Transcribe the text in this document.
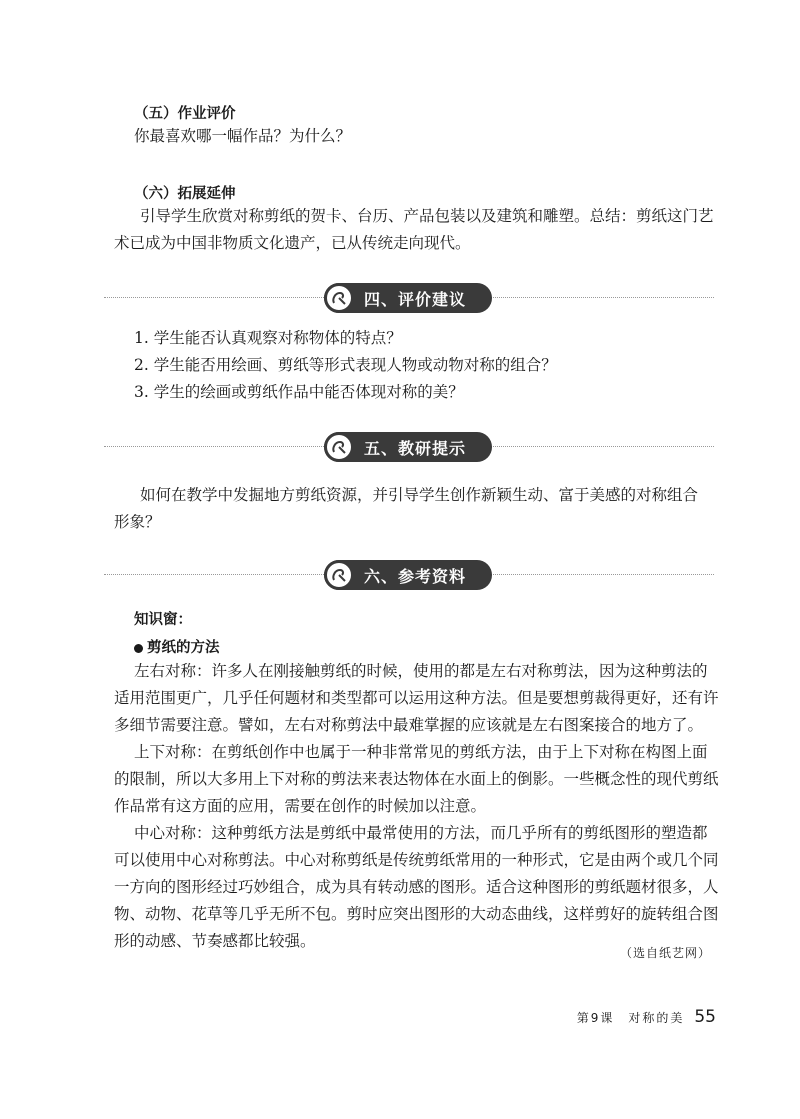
（五）作业评价
你最喜欢哪一幅作品？为什么？
（六）拓展延伸
引导学生欣赏对称剪纸的贺卡、台历、产品包装以及建筑和雕塑。总结：剪纸这门艺
术已成为中国非物质文化遗产，已从传统走向现代。
四、评价建议
1. 学生能否认真观察对称物体的特点？
2. 学生能否用绘画、剪纸等形式表现人物或动物对称的组合？
3. 学生的绘画或剪纸作品中能否体现对称的美？
五、教研提示
如何在教学中发掘地方剪纸资源，并引导学生创作新颖生动、富于美感的对称组合
形象？
六、参考资料
知识窗：
剪纸的方法
左右对称：许多人在刚接触剪纸的时候，使用的都是左右对称剪法，因为这种剪法的
适用范围更广，几乎任何题材和类型都可以运用这种方法。但是要想剪裁得更好，还有许
多细节需要注意。譬如，左右对称剪法中最难掌握的应该就是左右图案接合的地方了。
上下对称：在剪纸创作中也属于一种非常常见的剪纸方法，由于上下对称在构图上面
的限制，所以大多用上下对称的剪法来表达物体在水面上的倒影。一些概念性的现代剪纸
作品常有这方面的应用，需要在创作的时候加以注意。
中心对称：这种剪纸方法是剪纸中最常使用的方法，而几乎所有的剪纸图形的塑造都
可以使用中心对称剪法。中心对称剪纸是传统剪纸常用的一种形式，它是由两个或几个同
一方向的图形经过巧妙组合，成为具有转动感的图形。适合这种图形的剪纸题材很多，人
物、动物、花草等几乎无所不包。剪时应突出图形的大动态曲线，这样剪好的旋转组合图
形的动感、节奏感都比较强。
（选自纸艺网）
第9课　对称的美 55
